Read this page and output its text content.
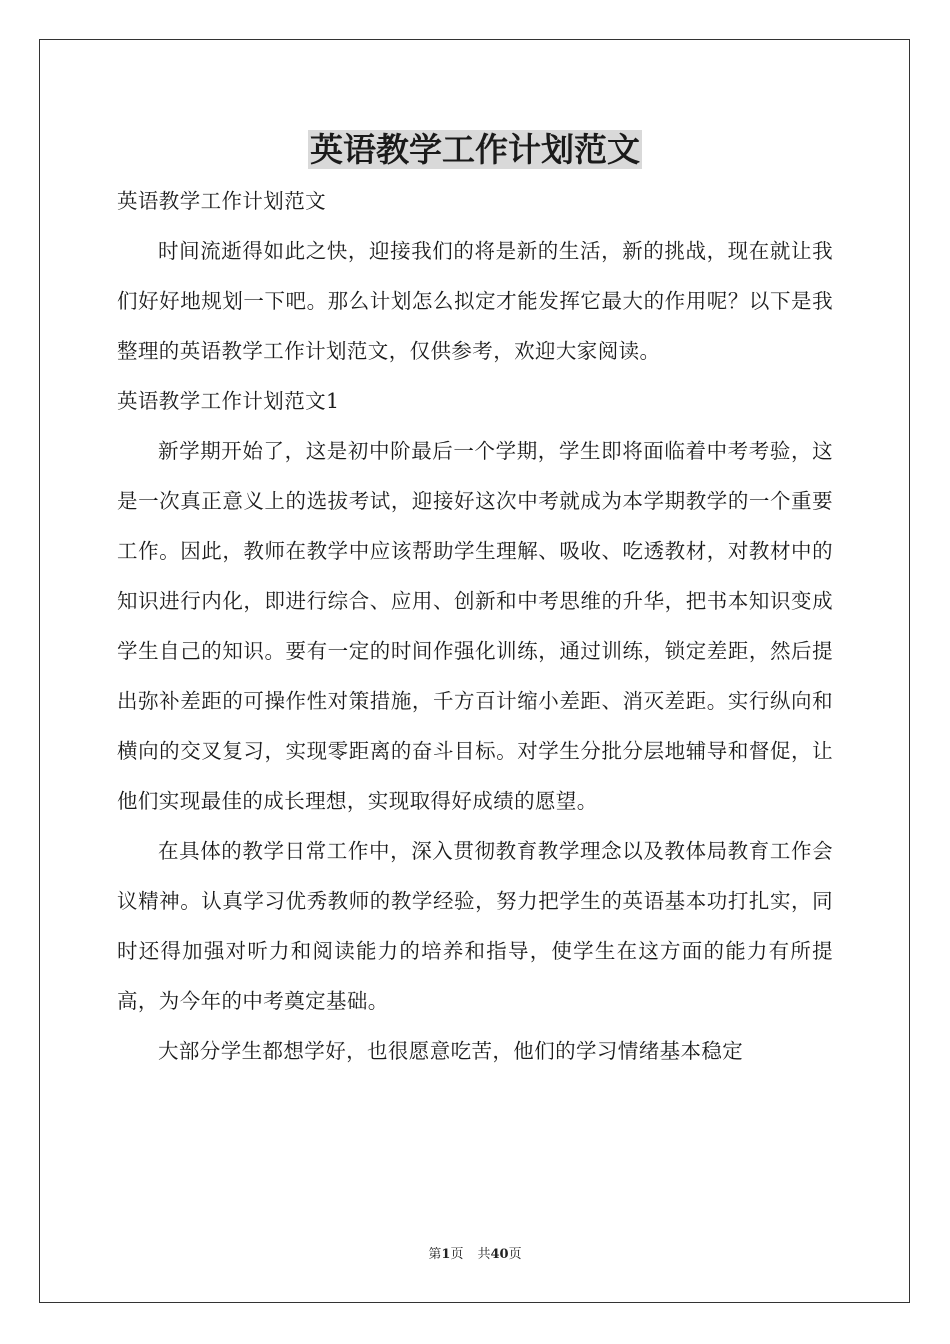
英语教学工作计划范文

英语教学工作计划范文

时间流逝得如此之快，迎接我们的将是新的生活，新的挑战，现在就让我们好好地规划一下吧。那么计划怎么拟定才能发挥它最大的作用呢？以下是我整理的英语教学工作计划范文，仅供参考，欢迎大家阅读。

英语教学工作计划范文1

新学期开始了，这是初中阶最后一个学期，学生即将面临着中考考验，这是一次真正意义上的选拔考试，迎接好这次中考就成为本学期教学的一个重要工作。因此，教师在教学中应该帮助学生理解、吸收、吃透教材，对教材中的知识进行内化，即进行综合、应用、创新和中考思维的升华，把书本知识变成学生自己的知识。要有一定的时间作强化训练，通过训练，锁定差距，然后提出弥补差距的可操作性对策措施，千方百计缩小差距、消灭差距。实行纵向和横向的交叉复习，实现零距离的奋斗目标。对学生分批分层地辅导和督促，让他们实现最佳的成长理想，实现取得好成绩的愿望。

在具体的教学日常工作中，深入贯彻教育教学理念以及教体局教育工作会议精神。认真学习优秀教师的教学经验，努力把学生的英语基本功打扎实，同时还得加强对听力和阅读能力的培养和指导，使学生在这方面的能力有所提高，为今年的中考奠定基础。

大部分学生都想学好，也很愿意吃苦，他们的学习情绪基本稳定

第1页 共40页
